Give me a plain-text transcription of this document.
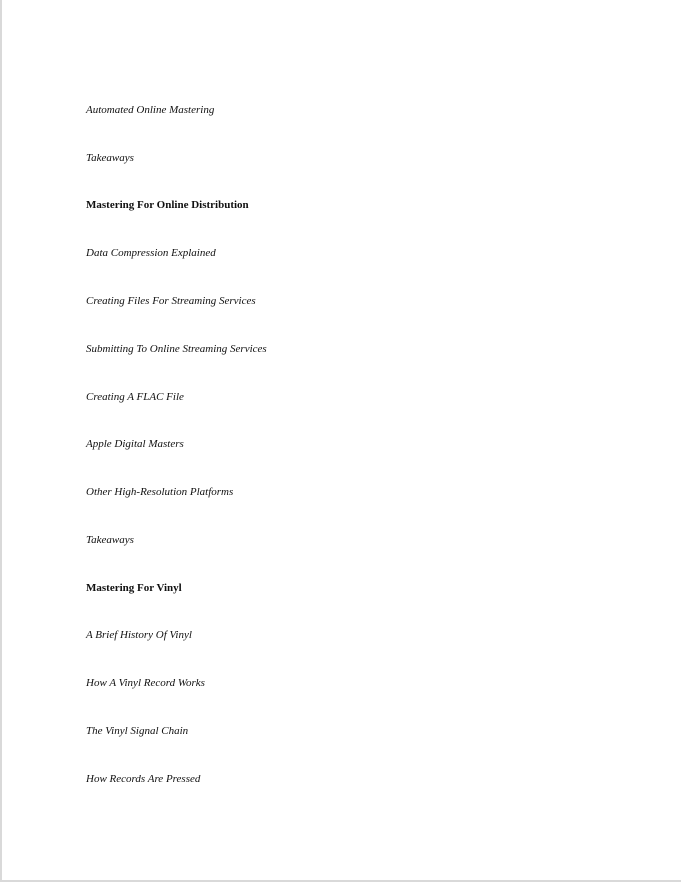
Automated Online Mastering
Takeaways
Mastering For Online Distribution
Data Compression Explained
Creating Files For Streaming Services
Submitting To Online Streaming Services
Creating A FLAC File
Apple Digital Masters
Other High-Resolution Platforms
Takeaways
Mastering For Vinyl
A Brief History Of Vinyl
How A Vinyl Record Works
The Vinyl Signal Chain
How Records Are Pressed
